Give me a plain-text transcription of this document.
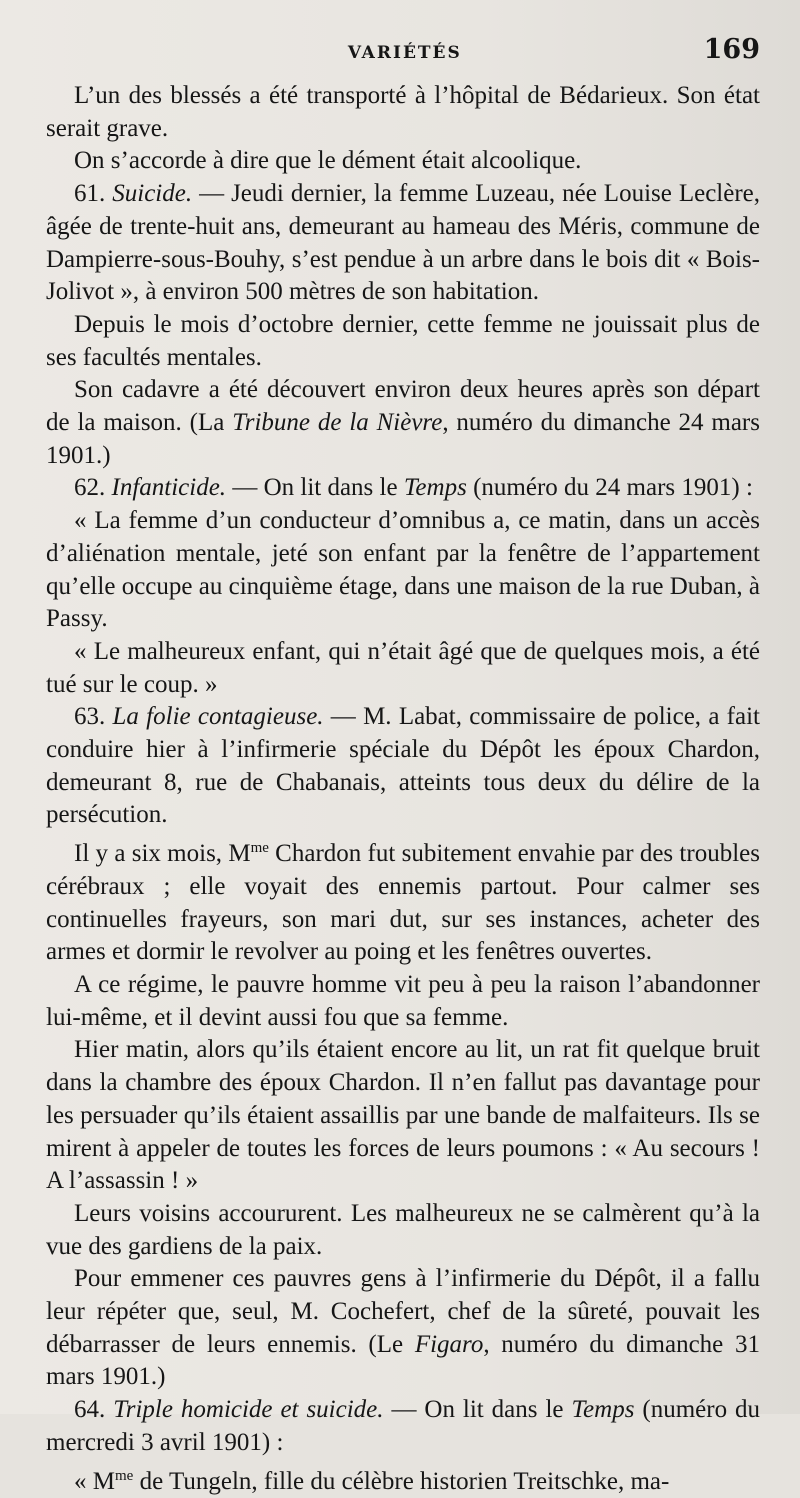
VARIÉTÉS	169

L’un des blessés a été transporté à l’hôpital de Bédarieux. Son état serait grave.

On s’accorde à dire que le dément était alcoolique.

61. Suicide. — Jeudi dernier, la femme Luzeau, née Louise Leclère, âgée de trente-huit ans, demeurant au hameau des Méris, commune de Dampierre-sous-Bouhy, s’est pendue à un arbre dans le bois dit « Bois-Jolivot », à environ 500 mètres de son habitation.

Depuis le mois d’octobre dernier, cette femme ne jouissait plus de ses facultés mentales.

Son cadavre a été découvert environ deux heures après son départ de la maison. (La Tribune de la Nièvre, numéro du dimanche 24 mars 1901.)

62. Infanticide. — On lit dans le Temps (numéro du 24 mars 1901) :

« La femme d’un conducteur d’omnibus a, ce matin, dans un accès d’aliénation mentale, jeté son enfant par la fenêtre de l’appartement qu’elle occupe au cinquième étage, dans une maison de la rue Duban, à Passy.

« Le malheureux enfant, qui n’était âgé que de quelques mois, a été tué sur le coup. »

63. La folie contagieuse. — M. Labat, commissaire de police, a fait conduire hier à l’infirmerie spéciale du Dépôt les époux Chardon, demeurant 8, rue de Chabanais, atteints tous deux du délire de la persécution.

Il y a six mois, $M^{me}$ Chardon fut subitement envahie par des troubles cérébraux ; elle voyait des ennemis partout. Pour calmer ses continuelles frayeurs, son mari dut, sur ses instances, acheter des armes et dormir le revolver au poing et les fenêtres ouvertes.

A ce régime, le pauvre homme vit peu à peu la raison l’abandonner lui-même, et il devint aussi fou que sa femme.

Hier matin, alors qu’ils étaient encore au lit, un rat fit quelque bruit dans la chambre des époux Chardon. Il n’en fallut pas davantage pour les persuader qu’ils étaient assaillis par une bande de malfaiteurs. Ils se mirent à appeler de toutes les forces de leurs poumons : « Au secours ! A l’assassin ! »

Leurs voisins accoururent. Les malheureux ne se calmèrent qu’à la vue des gardiens de la paix.

Pour emmener ces pauvres gens à l’infirmerie du Dépôt, il a fallu leur répéter que, seul, M. Cochefert, chef de la sûreté, pouvait les débarrasser de leurs ennemis. (Le Figaro, numéro du dimanche 31 mars 1901.)

64. Triple homicide et suicide. — On lit dans le Temps (numéro du mercredi 3 avril 1901) :

« $M^{me}$ de Tungeln, fille du célèbre historien Treitschke, ma-
